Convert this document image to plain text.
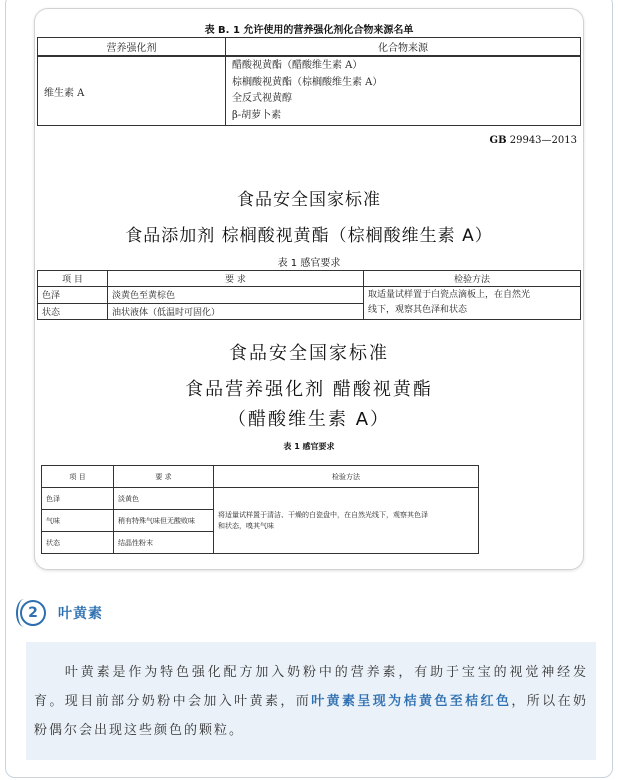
表 B. 1 允许使用的营养强化剂化合物来源名单
营养强化剂	化合物来源
维生素 A	醋酸视黄酯（醋酸维生素 A）
棕榈酸视黄酯（棕榈酸维生素 A）
全反式视黄醇
β-胡萝卜素
GB 29943—2013
食品安全国家标准
食品添加剂 棕榈酸视黄酯（棕榈酸维生素 A）
表 1 感官要求
项 目	要 求	检验方法
色泽	淡黄色至黄棕色	取适量试样置于白瓷点滴板上，在自然光
线下，观察其色泽和状态

状态	油状液体（低温时可固化）	
食品安全国家标准
食品营养强化剂 醋酸视黄酯
（醋酸维生素 A）
表 1 感官要求
项 目	要 求	检验方法
色泽	淡黄色	将适量试样置于清洁、干燥的白瓷盘中，在自然光线下，观察其色泽
和状态，嗅其气味

气味	稍有特殊气味但无酸败味	
状态	结晶性粉末	
2	叶黄素
叶黄素是作为特色强化配方加入奶粉中的营养素，有助于宝宝的视觉神经发育。现目前部分奶粉中会加入叶黄素，而叶黄素呈现为桔黄色至桔红色，所以在奶粉偶尔会出现这些颜色的颗粒。
